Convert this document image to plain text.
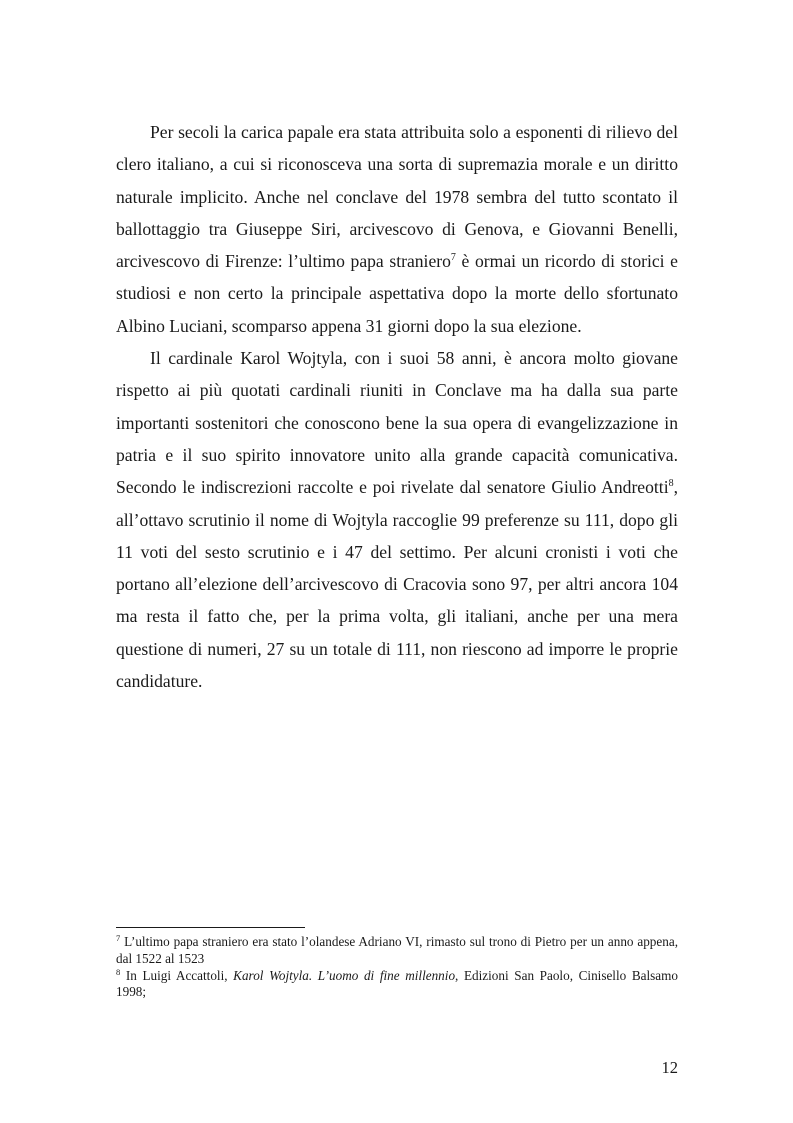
Per secoli la carica papale era stata attribuita solo a esponenti di rilievo del clero italiano, a cui si riconosceva una sorta di supremazia morale e un diritto naturale implicito. Anche nel conclave del 1978 sembra del tutto scontato il ballottaggio tra Giuseppe Siri, arcivescovo di Genova, e Giovanni Benelli, arcivescovo di Firenze: l’ultimo papa straniero$^7$ è ormai un ricordo di storici e studiosi e non certo la principale aspettativa dopo la morte dello sfortunato Albino Luciani, scomparso appena 31 giorni dopo la sua elezione.

Il cardinale Karol Wojtyla, con i suoi 58 anni, è ancora molto giovane rispetto ai più quotati cardinali riuniti in Conclave ma ha dalla sua parte importanti sostenitori che conoscono bene la sua opera di evangelizzazione in patria e il suo spirito innovatore unito alla grande capacità comunicativa. Secondo le indiscrezioni raccolte e poi rivelate dal senatore Giulio Andreotti$^8$, all’ottavo scrutinio il nome di Wojtyla raccoglie 99 preferenze su 111, dopo gli 11 voti del sesto scrutinio e i 47 del settimo. Per alcuni cronisti i voti che portano all’elezione dell’arcivescovo di Cracovia sono 97, per altri ancora 104 ma resta il fatto che, per la prima volta, gli italiani, anche per una mera questione di numeri, 27 su un totale di 111, non riescono ad imporre le proprie candidature.

$^7$ L’ultimo papa straniero era stato l’olandese Adriano VI, rimasto sul trono di Pietro per un anno appena, dal 1522 al 1523

$^8$ In Luigi Accattoli, Karol Wojtyla. L’uomo di fine millennio, Edizioni San Paolo, Cinisello Balsamo 1998;

12
